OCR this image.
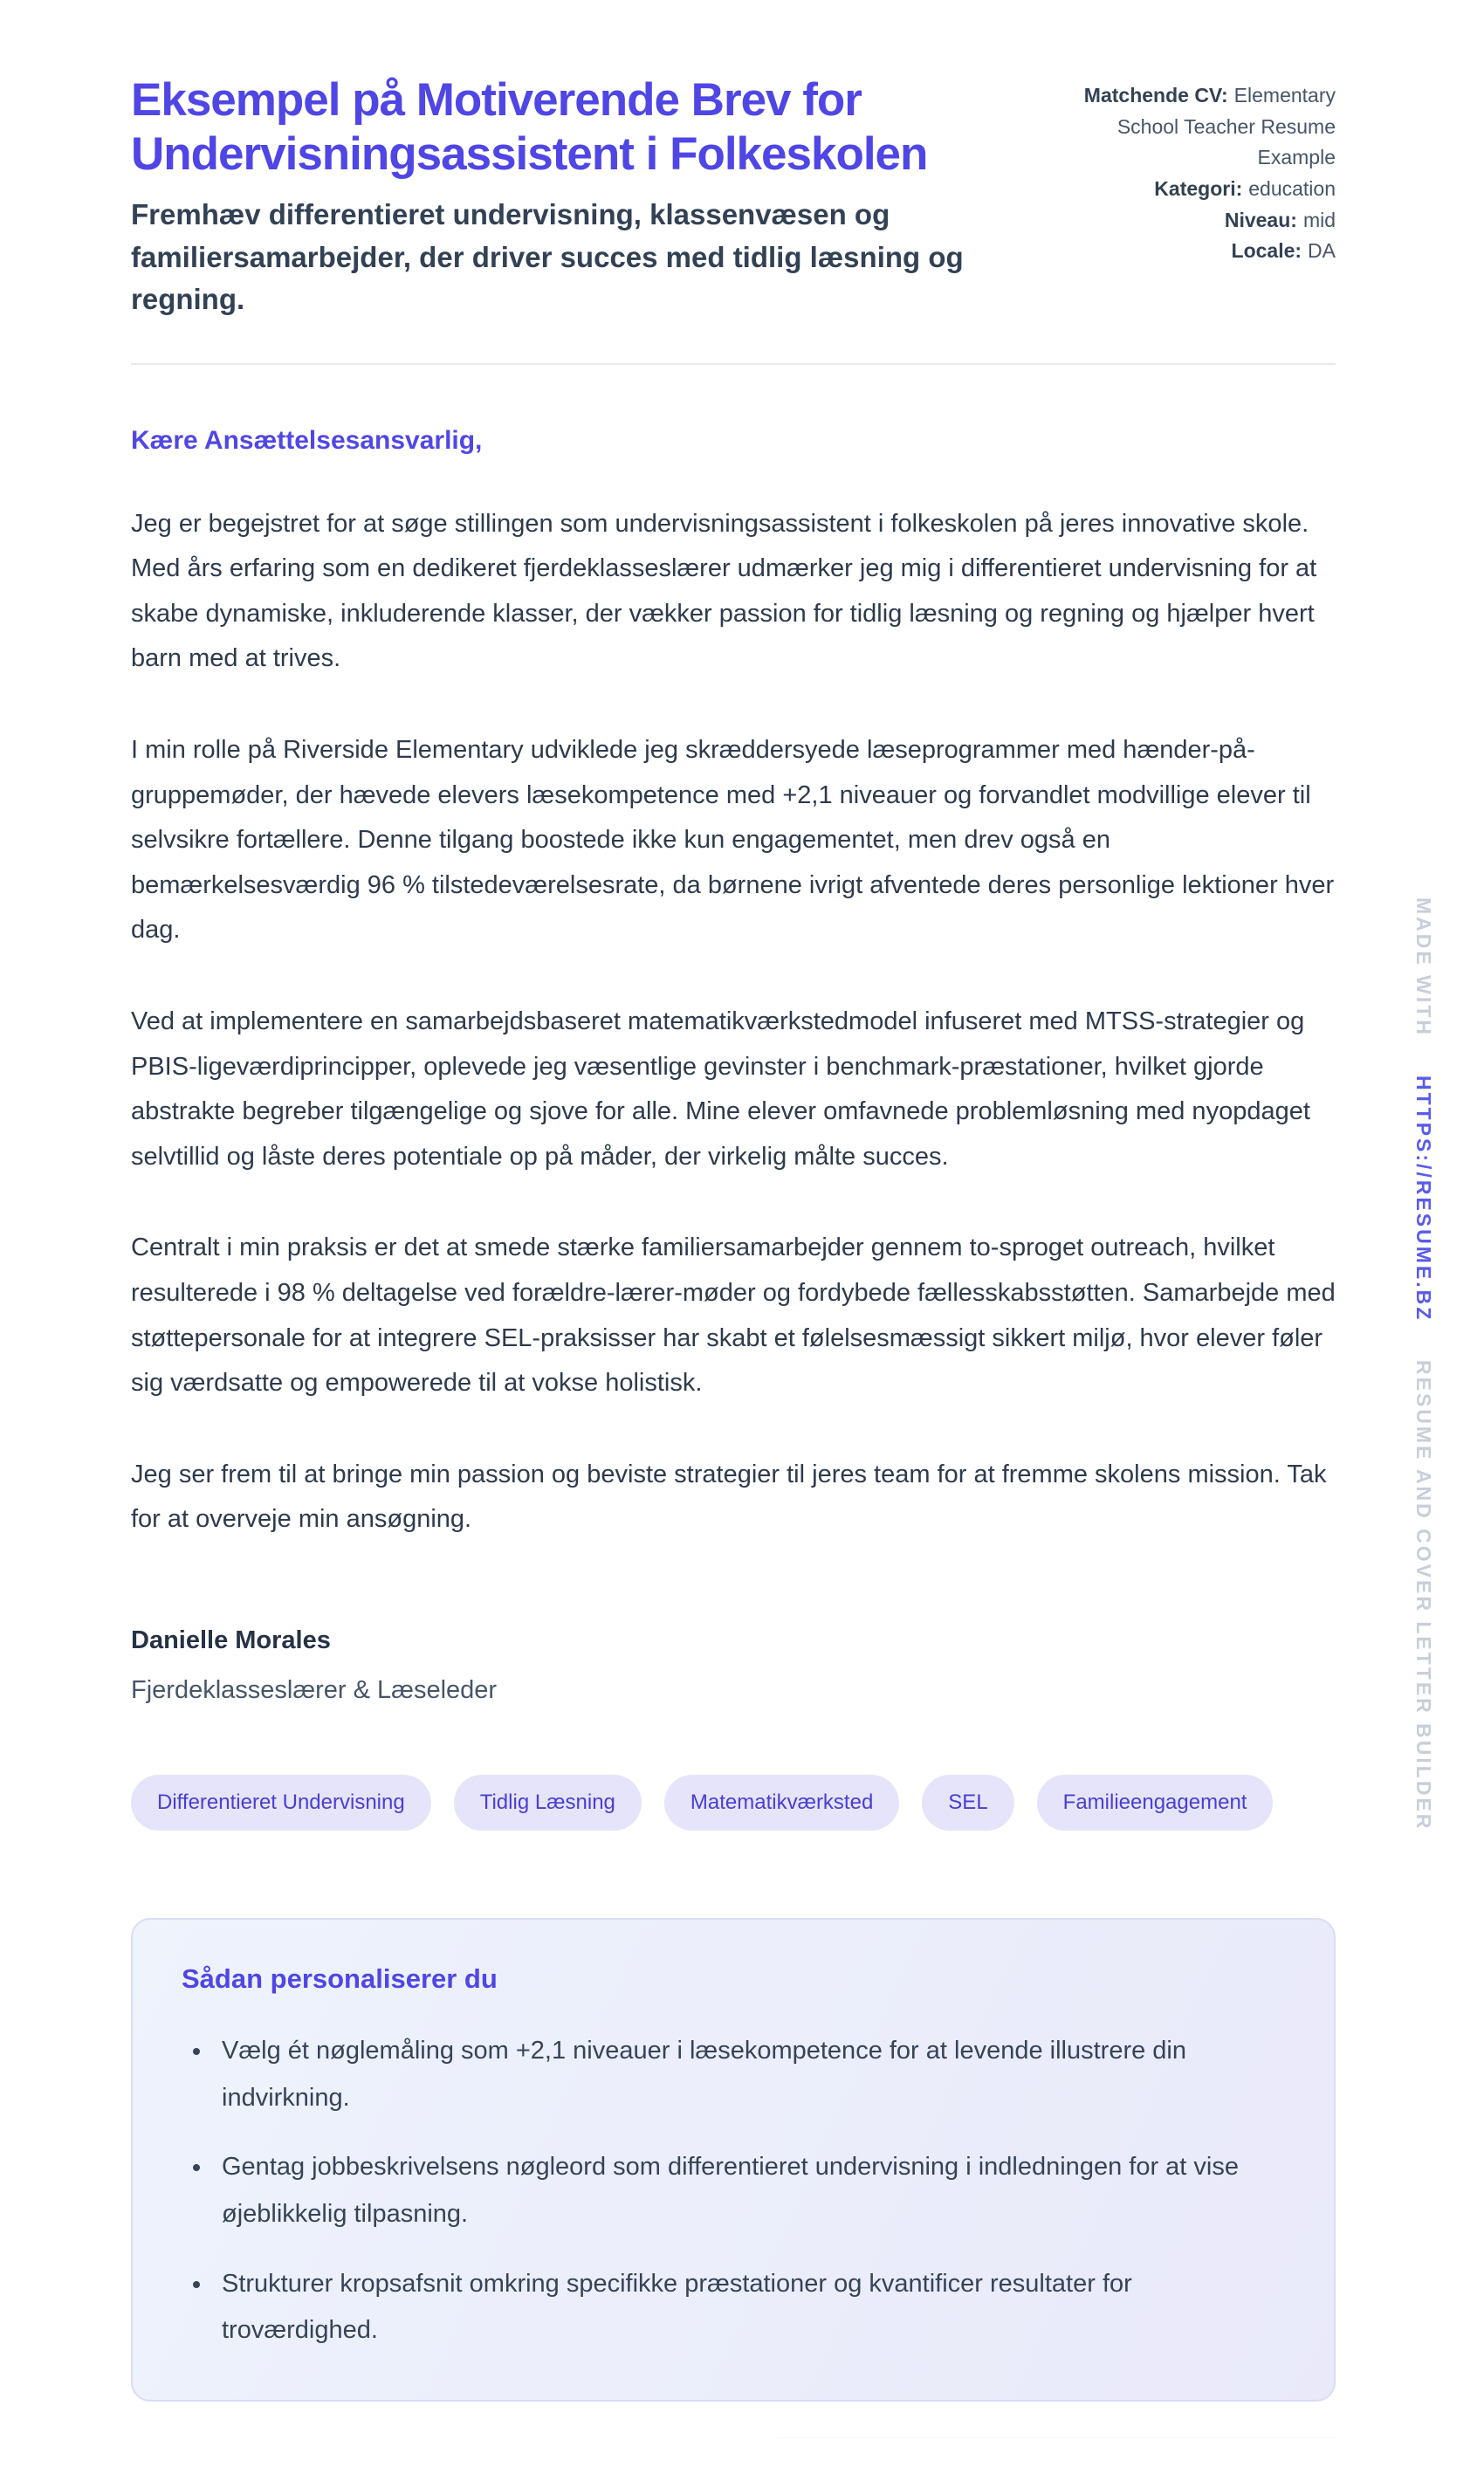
Eksempel på Motiverende Brev for Undervisningsassistent i Folkeskolen
Fremhæv differentieret undervisning, klassenvæsen og familiersamarbejder, der driver succes med tidlig læsning og regning.
Matchende CV: Elementary School Teacher Resume Example
Kategori: education
Niveau: mid
Locale: DA

Kære Ansættelsesansvarlig,

Jeg er begejstret for at søge stillingen som undervisningsassistent i folkeskolen på jeres innovative skole. Med års erfaring som en dedikeret fjerdeklasseslærer udmærker jeg mig i differentieret undervisning for at skabe dynamiske, inkluderende klasser, der vækker passion for tidlig læsning og regning og hjælper hvert barn med at trives.

I min rolle på Riverside Elementary udviklede jeg skræddersyede læseprogrammer med hænder-på-gruppemøder, der hævede elevers læsekompetence med +2,1 niveauer og forvandlet modvillige elever til selvsikre fortællere. Denne tilgang boostede ikke kun engagementet, men drev også en bemærkelsesværdig 96 % tilstedeværelsesrate, da børnene ivrigt afventede deres personlige lektioner hver dag.

Ved at implementere en samarbejdsbaseret matematikværkstedmodel infuseret med MTSS-strategier og PBIS-ligeværdiprincipper, oplevede jeg væsentlige gevinster i benchmark-præstationer, hvilket gjorde abstrakte begreber tilgængelige og sjove for alle. Mine elever omfavnede problemløsning med nyopdaget selvtillid og låste deres potentiale op på måder, der virkelig målte succes.

Centralt i min praksis er det at smede stærke familiersamarbejder gennem to-sproget outreach, hvilket resulterede i 98 % deltagelse ved forældre-lærer-møder og fordybede fællesskabsstøtten. Samarbejde med støttepersonale for at integrere SEL-praksisser har skabt et følelsesmæssigt sikkert miljø, hvor elever føler sig værdsatte og empowerede til at vokse holistisk.

Jeg ser frem til at bringe min passion og beviste strategier til jeres team for at fremme skolens mission. Tak for at overveje min ansøgning.

Danielle Morales

Fjerdeklasseslærer & Læseleder

Differentieret Undervisning	Tidlig Læsning	Matematikværksted	SEL	Familieengagement
Sådan personaliserer du
• Vælg ét nøglemåling som +2,1 niveauer i læsekompetence for at levende illustrere din indvirkning.
• Gentag jobbeskrivelsens nøgleord som differentieret undervisning i indledningen for at vise øjeblikkelig tilpasning.
• Strukturer kropsafsnit omkring specifikke præstationer og kvantificer resultater for troværdighed.
MADE WITH
HTTPS://RESUME.BZ
RESUME AND COVER LETTER BUILDER
